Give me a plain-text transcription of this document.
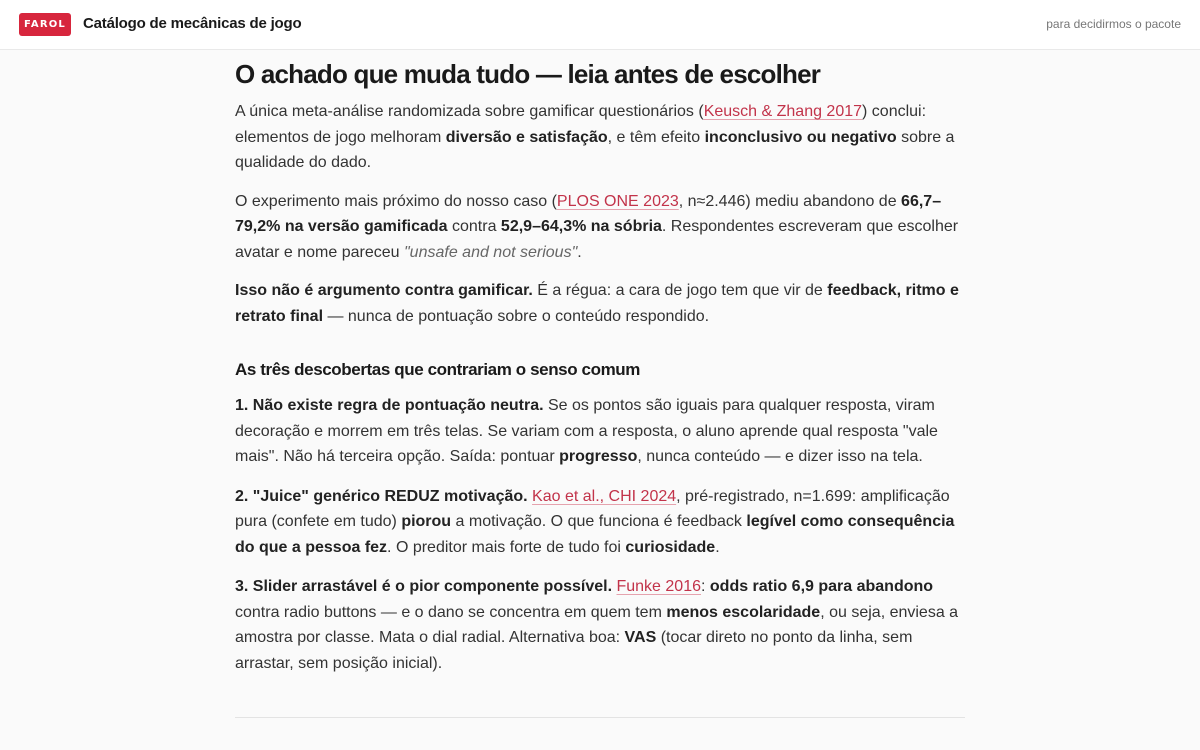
FAROL	Catálogo de mecânicas de jogo	para decidirmos o pacote
O achado que muda tudo — leia antes de escolher

A única meta-análise randomizada sobre gamificar questionários (Keusch & Zhang 2017) conclui: elementos de jogo melhoram diversão e satisfação, e têm efeito inconclusivo ou negativo sobre a qualidade do dado.

O experimento mais próximo do nosso caso (PLOS ONE 2023, n≈2.446) mediu abandono de 66,7–79,2% na versão gamificada contra 52,9–64,3% na sóbria. Respondentes escreveram que escolher avatar e nome pareceu "unsafe and not serious".

Isso não é argumento contra gamificar. É a régua: a cara de jogo tem que vir de feedback, ritmo e retrato final — nunca de pontuação sobre o conteúdo respondido.

As três descobertas que contrariam o senso comum

1. Não existe regra de pontuação neutra. Se os pontos são iguais para qualquer resposta, viram decoração e morrem em três telas. Se variam com a resposta, o aluno aprende qual resposta "vale mais". Não há terceira opção. Saída: pontuar progresso, nunca conteúdo — e dizer isso na tela.

2. "Juice" genérico REDUZ motivação. Kao et al., CHI 2024, pré-registrado, n=1.699: amplificação pura (confete em tudo) piorou a motivação. O que funciona é feedback legível como consequência do que a pessoa fez. O preditor mais forte de tudo foi curiosidade.

3. Slider arrastável é o pior componente possível. Funke 2016: odds ratio 6,9 para abandono contra radio buttons — e o dano se concentra em quem tem menos escolaridade, ou seja, enviesa a amostra por classe. Mata o dial radial. Alternativa boa: VAS (tocar direto no ponto da linha, sem arrastar, sem posição inicial).
